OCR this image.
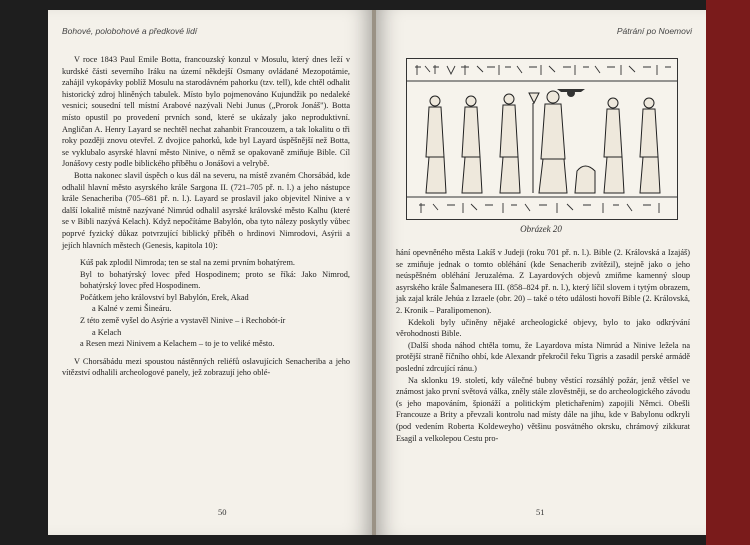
Bohové, polobohové a předkové lidí

V roce 1843 Paul Emile Botta, francouzský konzul v Mosulu, který dnes leží v kurdské části severního Iráku na území někdejší Osmany ovládané Mezopotámie, zahájil vykopávky poblíž Mosulu na starodávném pahorku (tzv. tell), kde chtěl odhalit historický zdroj hliněných tabulek. Místo bylo pojmenováno Kujundžik po nedaleké vesnici; sousední tell místní Arabové nazývali Nebi Junus („Prorok Jonáš"). Botta místo opustil po provedení prvních sond, které se ukázaly jako neproduktivní. Angličan A. Henry Layard se nechtěl nechat zahanbit Francouzem, a tak lokalitu o tři roky později znovu otevřel. Z dvojice pahorků, kde byl Layard úspěšnější než Botta, se vyklubalo asyrské hlavní město Ninive, o němž se opakovaně zmiňuje Bible. Cíl Jonášovy cesty podle biblického příběhu o Jonášovi a velrybě.

Botta nakonec slavil úspěch o kus dál na severu, na místě zvaném Chorsábád, kde odhalil hlavní město asyrského krále Sargona II. (721–705 př. n. l.) a jeho nástupce krále Senacheriba (705–681 př. n. l.). Layard se proslavil jako objevitel Ninive a v další lokalitě místně nazývané Nimrúd odhalil asyrské královské město Kalhu (které se v Bibli nazývá Kelach). Když nepočítáme Babylón, oba tyto nálezy poskytly vůbec poprvé fyzický důkaz potvrzující biblický příběh o hrdinovi Nimrodovi, Asýrii a jejích hlavních městech (Genesis, kapitola 10):

Kúš pak zplodil Nimroda; ten se stal na zemi prvním bohatýrem.
Byl to bohatýrský lovec před Hospodinem; proto se říká: Jako Nimrod, bohatýrský lovec před Hospodinem.
Počátkem jeho království byl Babylón, Erek, Akad
a Kalné v zemi Šineáru.
Z této země vyšel do Asýrie a vystavěl Ninive – i Rechobót-ír
a Kelach
a Resen mezi Ninivem a Kelachem – to je to veliké město.

V Chorsábádu mezi spoustou nástěnných reliéfů oslavujících Senacheriba a jeho vítězství odhalili archeologové panely, jež zobrazují jeho oblé-

50
Pátrání po Noemovi
Obrázek 20

hání opevněného města Lakíš v Judeji (roku 701 př. n. l.). Bible (2. Královská a Izajáš) se zmiňuje jednak o tomto obléhání (kde Senacherib zvítězil), stejně jako o jeho neúspěšném obléhání Jeruzaléma. Z Layardových objevů zmiňme kamenný sloup asyrského krále Šalmanesera III. (858–824 př. n. l.), který líčil slovem i tytým obrazem, jak zajal krále Jehúa z Izraele (obr. 20) – také o této události hovoří Bible (2. Královská, 2. Kronik – Paralipomenon).

Kdekoli byly učiněny nějaké archeologické objevy, bylo to jako odkrývání věrohodnosti Bible.

(Další shoda náhod chtěla tomu, že Layardova místa Nimrúd a Ninive ležela na protější straně říčního ohbí, kde Alexandr překročil řeku Tigris a zasadil perské armádě poslední zdrcující ránu.)

Na sklonku 19. století, kdy válečné bubny věstící rozsáhlý požár, jenž většel ve známost jako první světová válka, zněly stále zlověstněji, se do archeologického závodu (s jeho mapováním, špionáží a politickým pletichařením) zapojili Němci. Obešli Francouze a Brity a převzali kontrolu nad místy dále na jihu, kde v Babylonu odkryli (pod vedením Roberta Koldeweyho) většinu posvátného okrsku, chrámový zikkurat Esagil a velkolepou Cestu pro-

51
